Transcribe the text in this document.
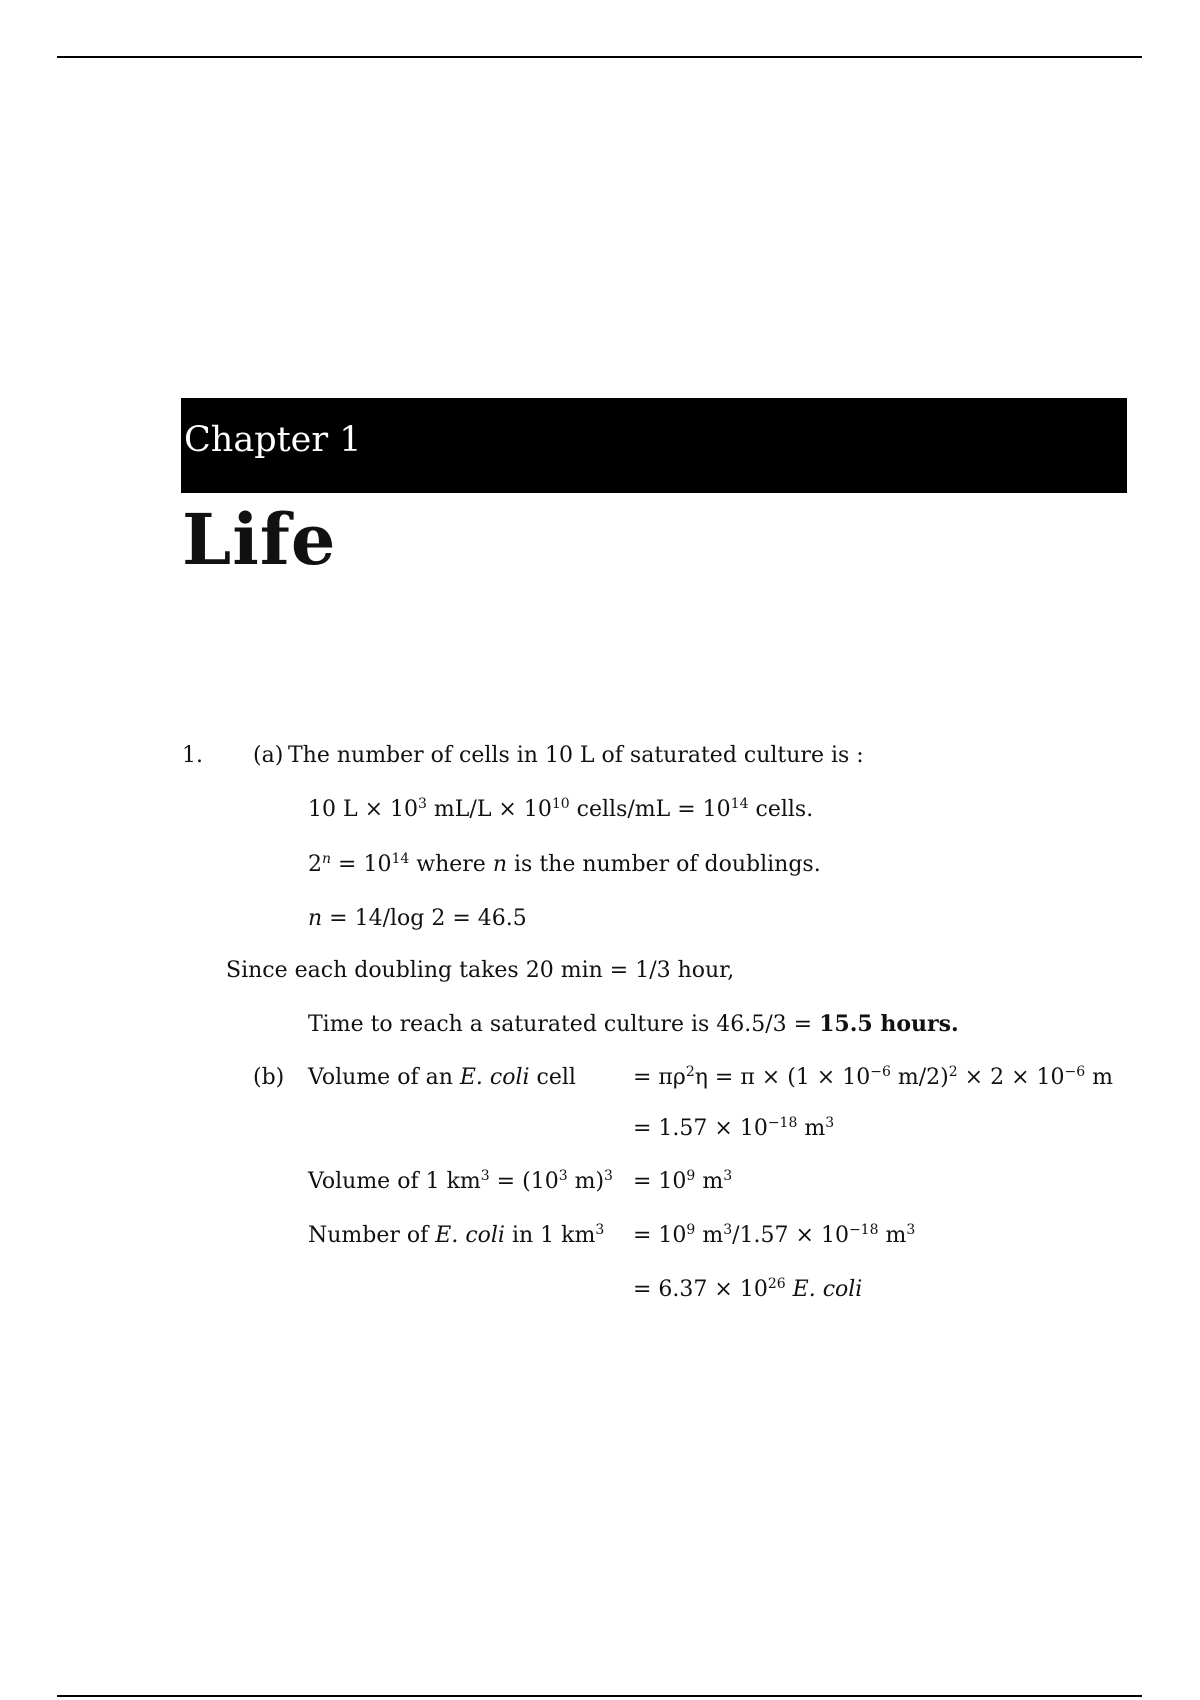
Chapter 1
Life
1. (a) The number of cells in 10 L of saturated culture is :
10 $L \times 10^3$ $mL/L \times 10^{10}$ cells/mL = $10^{14}$ cells.
$2^n = 10^{14}$ where n is the number of doublings.
n = 14/log 2 = 46.5
Since each doubling takes 20 min = 1/3 hour,
Time to reach a saturated culture is 46.5/3 = 15.5 hours.
(b) Volume of an E. coli cell	= $\pi\rho^2\eta = \pi \times (1 \times 10^{-6}$ $m/2)^2 \times 2 \times 10^{-6}$ m
= $1.57 \times 10^{-18}$ $m^3$
Volume of 1 $km^3 = (10^3$ $m)^3 = 10^9$ $m^3$
Number of E. coli in 1 $km^3 = 10^9$ $m^3/1.57 \times 10^{-18}$ $m^3$
= $6.37 \times 10^{26}$ E. coli
